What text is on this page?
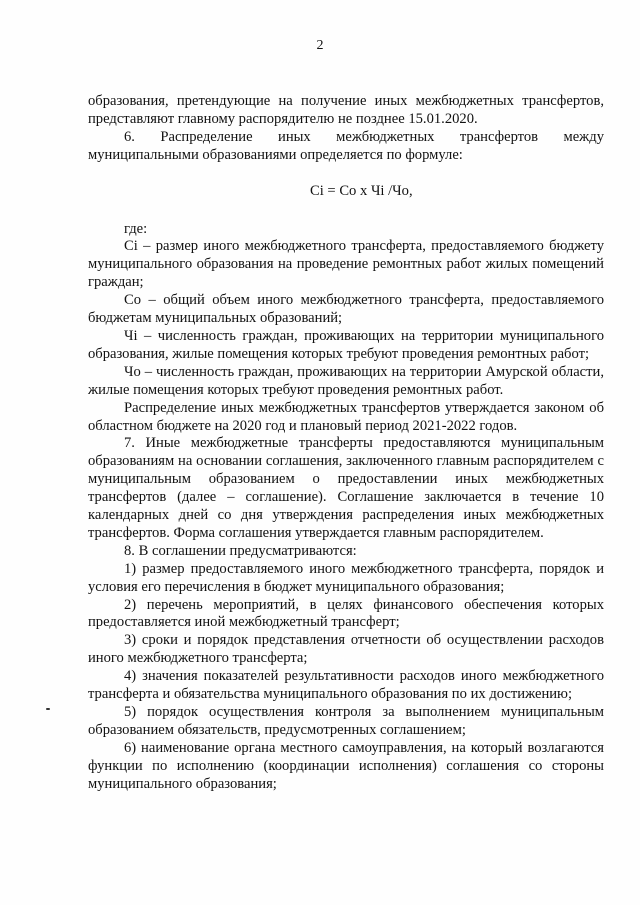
2

образования, претендующие на получение иных межбюджетных трансфертов, представляют главному распорядителю не позднее 15.01.2020.

6. Распределение иных межбюджетных трансфертов между муниципальными образованиями определяется по формуле:

Ci = Co x Чi /Чо,

где:

Ci – размер иного межбюджетного трансферта, предоставляемого бюджету муниципального образования на проведение ремонтных работ жилых помещений граждан;

Co – общий объем иного межбюджетного трансферта, предоставляемого бюджетам муниципальных образований;

Чi – численность граждан, проживающих на территории муниципального образования, жилые помещения которых требуют проведения ремонтных работ;

Чо – численность граждан, проживающих на территории Амурской области, жилые помещения которых требуют проведения ремонтных работ.

Распределение иных межбюджетных трансфертов утверждается законом об областном бюджете на 2020 год и плановый период 2021-2022 годов.

7. Иные межбюджетные трансферты предоставляются муниципальным образованиям на основании соглашения, заключенного главным распорядителем с муниципальным образованием о предоставлении иных межбюджетных трансфертов (далее – соглашение). Соглашение заключается в течение 10 календарных дней со дня утверждения распределения иных межбюджетных трансфертов. Форма соглашения утверждается главным распорядителем.

8. В соглашении предусматриваются:

1) размер предоставляемого иного межбюджетного трансферта, порядок и условия его перечисления в бюджет муниципального образования;

2) перечень мероприятий, в целях финансового обеспечения которых предоставляется иной межбюджетный трансферт;

3) сроки и порядок представления отчетности об осуществлении расходов иного межбюджетного трансферта;

4) значения показателей результативности расходов иного межбюджетного трансферта и обязательства муниципального образования по их достижению;

5) порядок осуществления контроля за выполнением муниципальным образованием обязательств, предусмотренных соглашением;

6) наименование органа местного самоуправления, на который возлагаются функции по исполнению (координации исполнения) соглашения со стороны муниципального образования;
